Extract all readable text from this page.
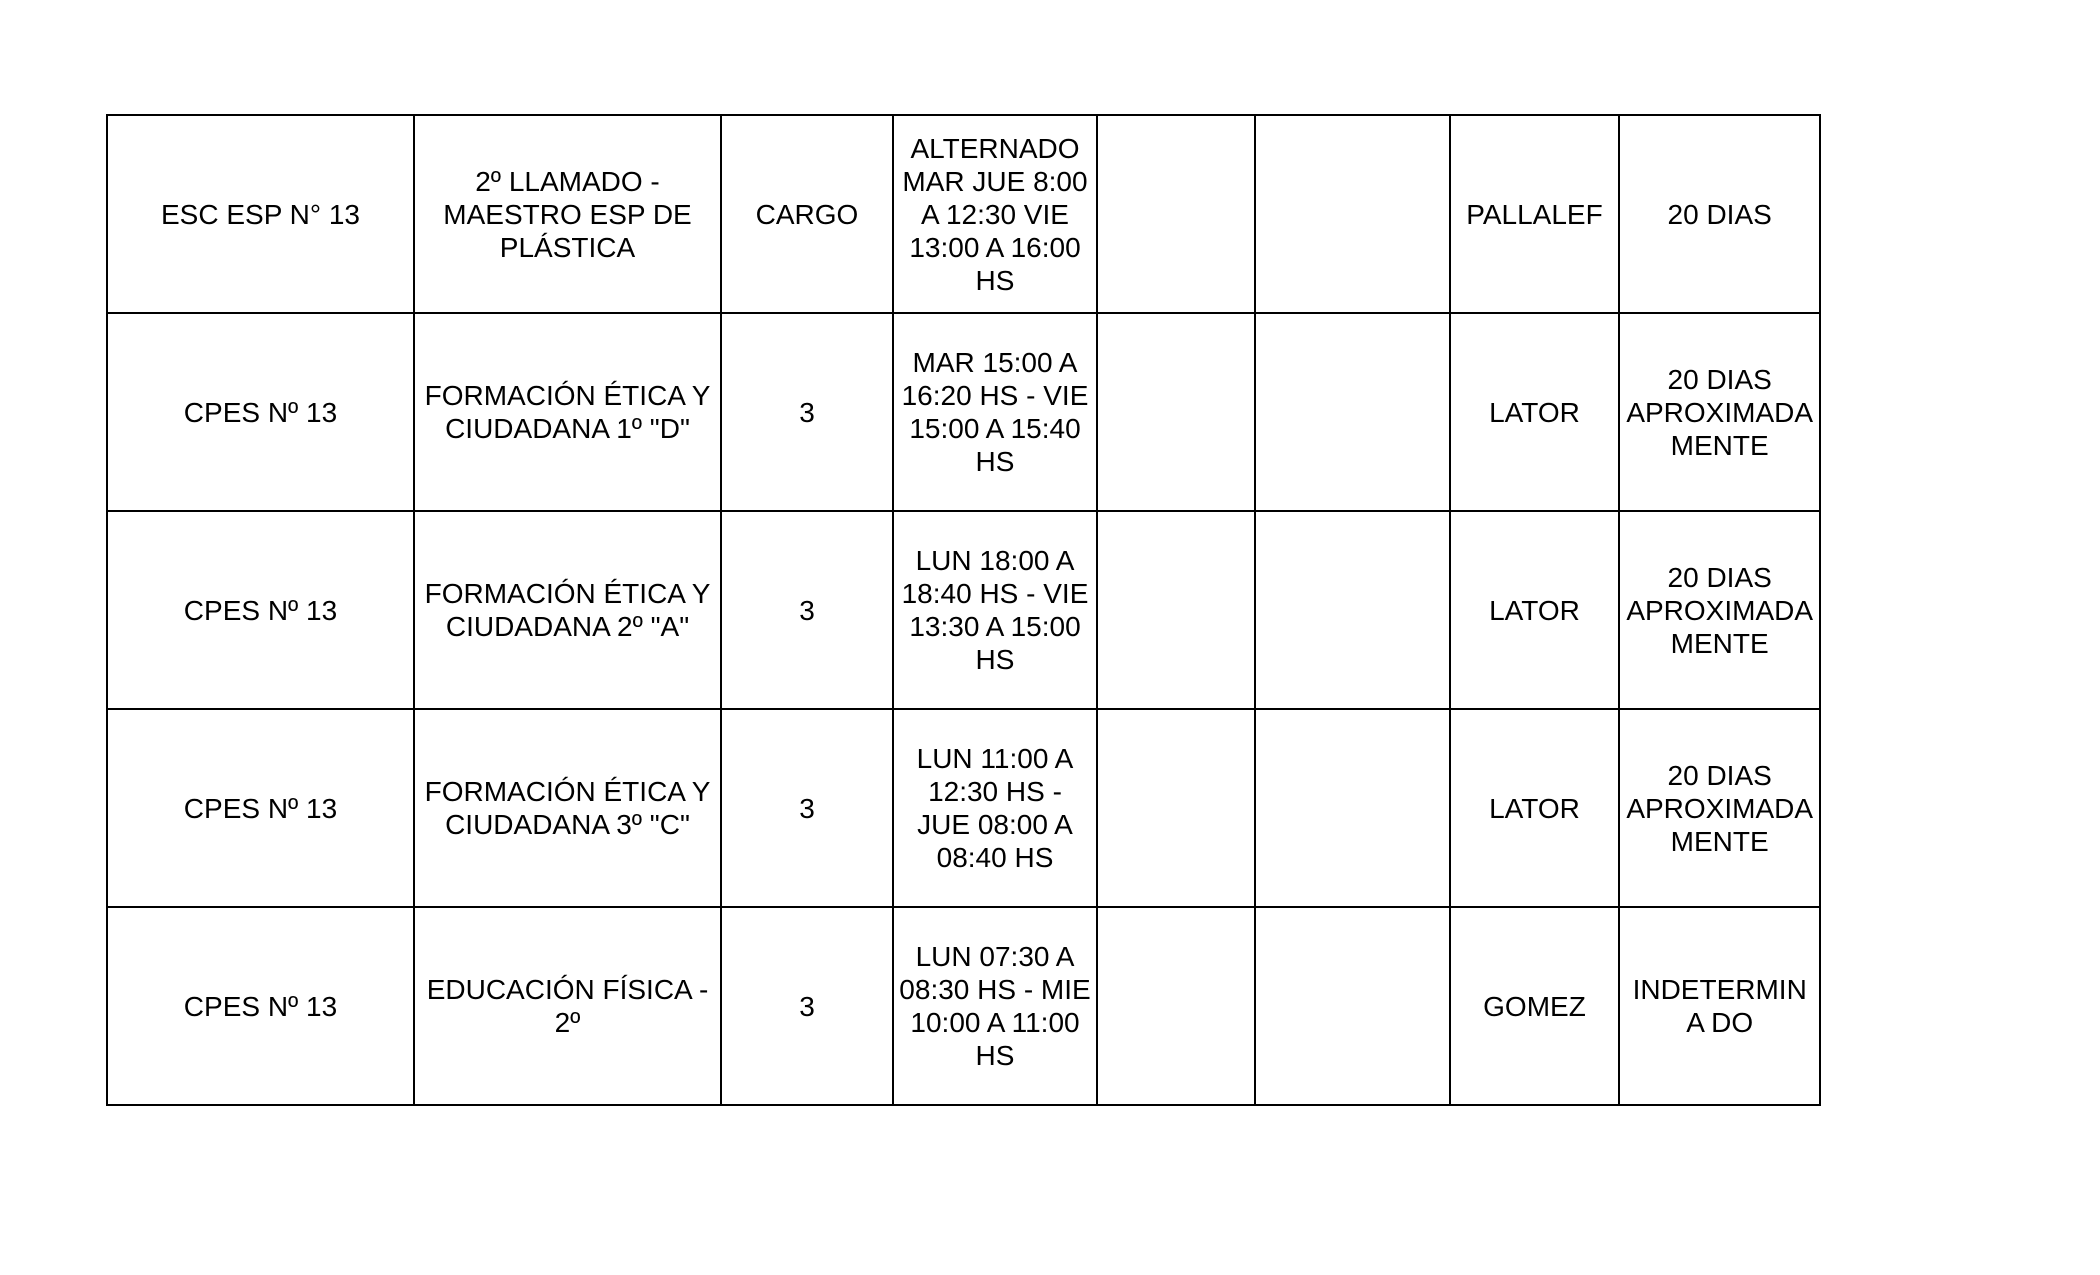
ESC ESP N° 13	2º LLAMADO - MAESTRO ESP DE PLÁSTICA	CARGO	ALTERNADO MAR JUE 8:00 A 12:30 VIE 13:00 A 16:00 HS			PALLALEF	20 DIAS

CPES Nº 13	FORMACIÓN ÉTICA Y CIUDADANA 1º "D"	3	MAR 15:00 A 16:20 HS - VIE 15:00 A 15:40 HS			LATOR	20 DIAS APROXIMADA MENTE

CPES Nº 13	FORMACIÓN ÉTICA Y CIUDADANA 2º "A"	3	LUN 18:00 A 18:40 HS - VIE 13:30 A 15:00 HS			LATOR	20 DIAS APROXIMADA MENTE

CPES Nº 13	FORMACIÓN ÉTICA Y CIUDADANA 3º "C"	3	LUN 11:00 A 12:30 HS - JUE 08:00 A 08:40 HS			LATOR	20 DIAS APROXIMADA MENTE

CPES Nº 13	EDUCACIÓN FÍSICA - 2º	3	LUN 07:30 A 08:30 HS - MIE 10:00 A 11:00 HS			GOMEZ	INDETERMINA DO
